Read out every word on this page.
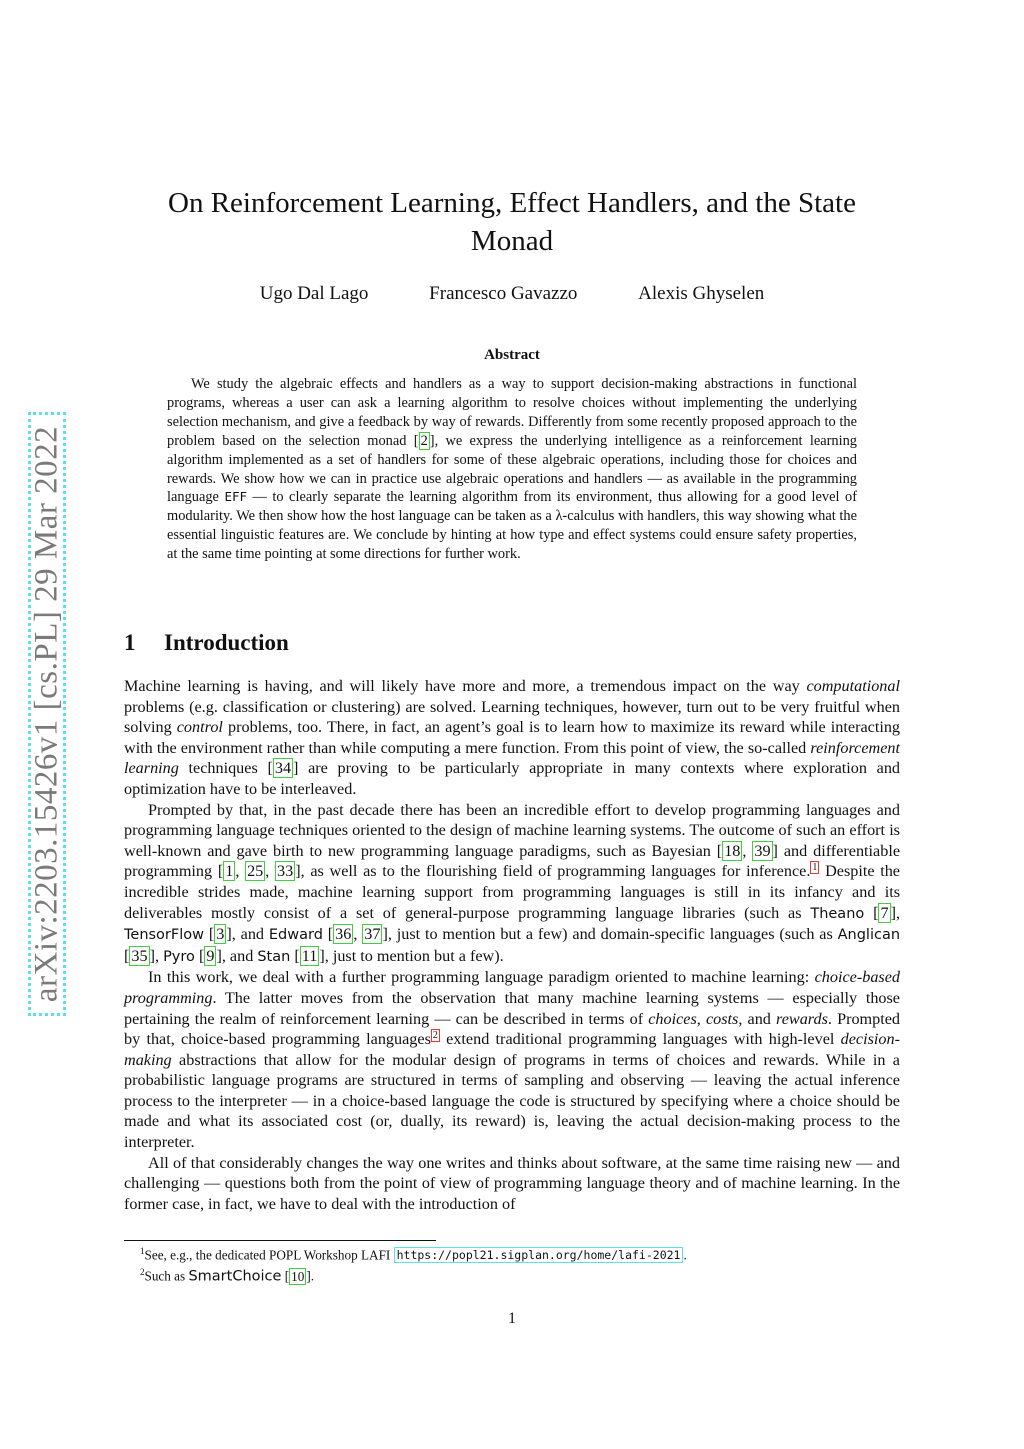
arXiv:2203.15426v1 [cs.PL] 29 Mar 2022
On Reinforcement Learning, Effect Handlers, and the State Monad
Ugo Dal Lago	Francesco Gavazzo	Alexis Ghyselen
Abstract
We study the algebraic effects and handlers as a way to support decision-making abstractions in functional programs, whereas a user can ask a learning algorithm to resolve choices without implementing the underlying selection mechanism, and give a feedback by way of rewards. Differently from some recently proposed approach to the problem based on the selection monad [ 2 ], we express the underlying intelligence as a reinforcement learning algorithm implemented as a set of handlers for some of these algebraic operations, including those for choices and rewards. We show how we can in practice use algebraic operations and handlers — as available in the programming language EFF — to clearly separate the learning algorithm from its environment, thus allowing for a good level of modularity. We then show how the host language can be taken as a λ-calculus with handlers, this way showing what the essential linguistic features are. We conclude by hinting at how type and effect systems could ensure safety properties, at the same time pointing at some directions for further work.
1 Introduction

Machine learning is having, and will likely have more and more, a tremendous impact on the way computational problems (e.g. classification or clustering) are solved. Learning techniques, however, turn out to be very fruitful when solving control problems, too. There, in fact, an agent’s goal is to learn how to maximize its reward while interacting with the environment rather than while computing a mere function. From this point of view, the so-called reinforcement learning techniques [ 34 ] are proving to be particularly appropriate in many contexts where exploration and optimization have to be interleaved.

Prompted by that, in the past decade there has been an incredible effort to develop programming languages and programming language techniques oriented to the design of machine learning systems. The outcome of such an effort is well-known and gave birth to new programming language paradigms, such as Bayesian [ 18 , 39 ] and differentiable programming [ 1 , 25 , 33 ], as well as to the flourishing field of programming languages for inference. $^1$ Despite the incredible strides made, machine learning support from programming languages is still in its infancy and its deliverables mostly consist of a set of general-purpose programming language libraries (such as Theano [ 7 ], TensorFlow [ 3 ], and Edward [ 36 , 37 ], just to mention but a few) and domain-specific languages (such as Anglican [ 35 ], Pyro [ 9 ], and Stan [ 11 ], just to mention but a few).

In this work, we deal with a further programming language paradigm oriented to machine learning: choice-based programming. The latter moves from the observation that many machine learning systems — especially those pertaining the realm of reinforcement learning — can be described in terms of choices, costs, and rewards. Prompted by that, choice-based programming languages $^2$ extend traditional programming languages with high-level decision-making abstractions that allow for the modular design of programs in terms of choices and rewards. While in a probabilistic language programs are structured in terms of sampling and observing — leaving the actual inference process to the interpreter — in a choice-based language the code is structured by specifying where a choice should be made and what its associated cost (or, dually, its reward) is, leaving the actual decision-making process to the interpreter.

All of that considerably changes the way one writes and thinks about software, at the same time raising new — and challenging — questions both from the point of view of programming language theory and of machine learning. In the former case, in fact, we have to deal with the introduction of

$^1$See, e.g., the dedicated POPL Workshop LAFI https://popl21.sigplan.org/home/lafi-2021 .
$^2$Such as SmartChoice [ 10 ].
1
